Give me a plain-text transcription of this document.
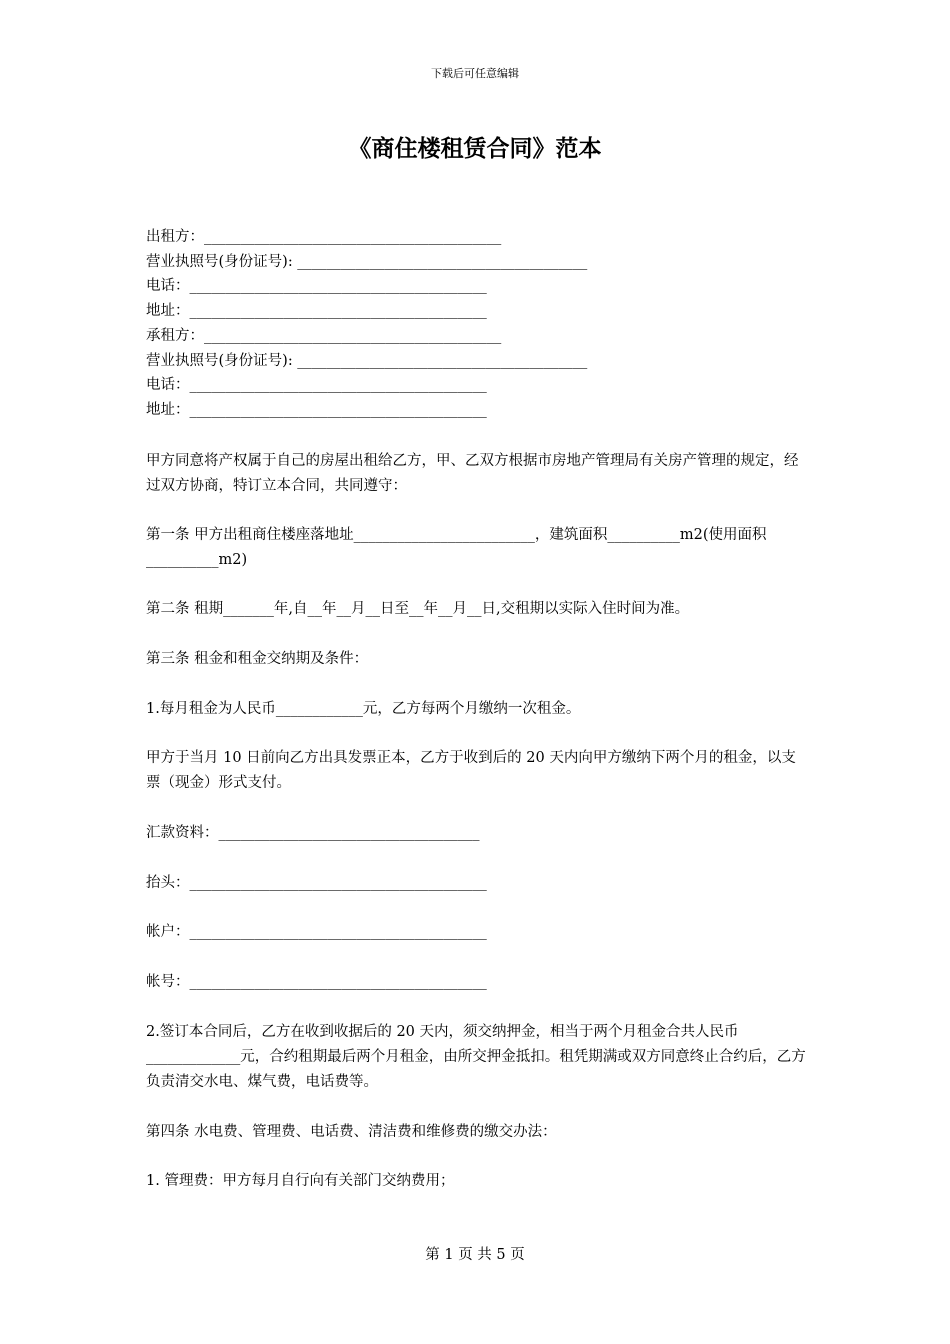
下载后可任意编辑
《商住楼租赁合同》范本
出租方：_________________________________________
营业执照号(身份证号): ________________________________________
电话：_________________________________________
地址：_________________________________________
承租方：_________________________________________
营业执照号(身份证号): ________________________________________
电话：_________________________________________
地址：_________________________________________
甲方同意将产权属于自己的房屋出租给乙方，甲、乙双方根据市房地产管理局有关房产管理的规定，经过双方协商，特订立本合同，共同遵守：
第一条 甲方出租商住楼座落地址_________________________，建筑面积__________m2(使用面积__________m2)
第二条 租期_______年,自__年__月__日至__年__月__日,交租期以实际入住时间为准。
第三条 租金和租金交纳期及条件：
1.每月租金为人民币____________元，乙方每两个月缴纳一次租金。
甲方于当月 10 日前向乙方出具发票正本，乙方于收到后的 20 天内向甲方缴纳下两个月的租金，以支票（现金）形式支付。
汇款资料：____________________________________
抬头：_________________________________________
帐户：_________________________________________
帐号：_________________________________________
2.签订本合同后，乙方在收到收据后的 20 天内，须交纳押金，相当于两个月租金合共人民币_____________元，合约租期最后两个月租金，由所交押金抵扣。租凭期满或双方同意终止合约后，乙方负责清交水电、煤气费，电话费等。
第四条 水电费、管理费、电话费、清洁费和维修费的缴交办法：
1. 管理费：甲方每月自行向有关部门交纳费用；
第 1 页 共 5 页
